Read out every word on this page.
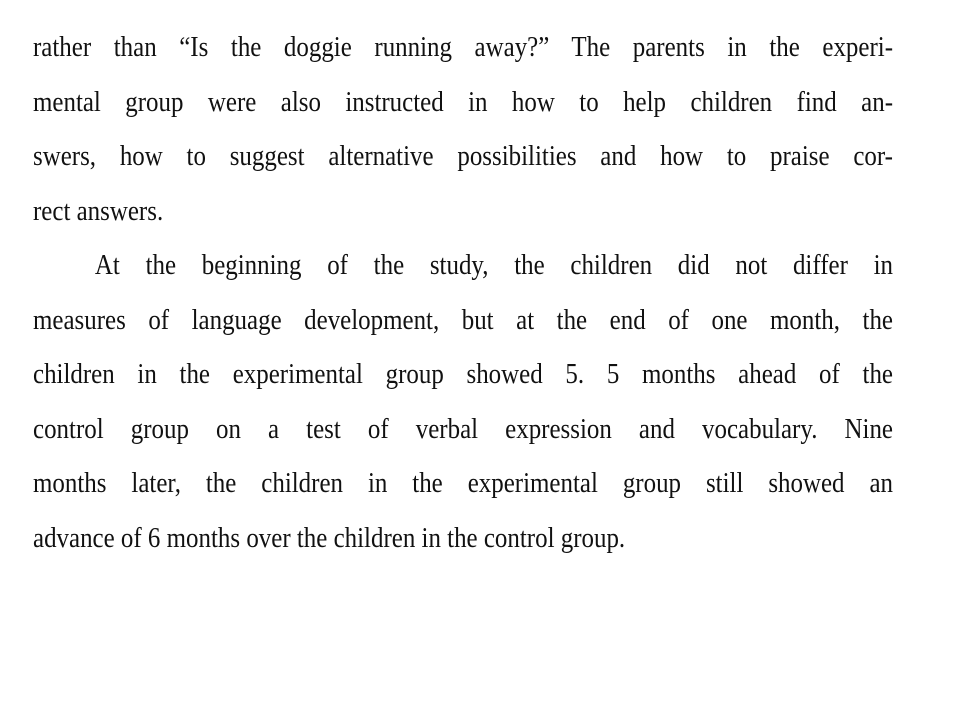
rather than “Is the doggie running away?” The parents in the experi-
mental group were also instructed in how to help children find an-
swers, how to suggest alternative possibilities and how to praise cor-
rect answers.
At the beginning of the study, the children did not differ in
measures of language development, but at the end of one month, the
children in the experimental group showed 5. 5 months ahead of the
control group on a test of verbal expression and vocabulary. Nine
months later, the children in the experimental group still showed an
advance of 6 months over the children in the control group.
